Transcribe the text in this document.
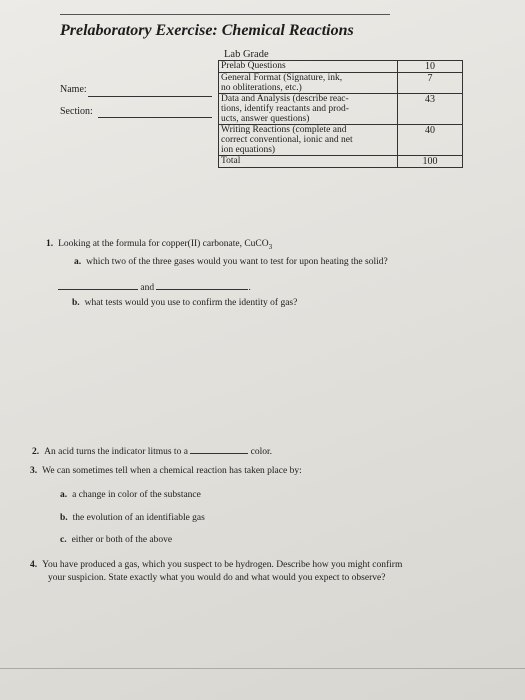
Prelaboratory Exercise: Chemical Reactions
Lab Grade
Name:
Section:
Prelab Questions	10

General Format (Signature, ink,
no obliterations, etc.)	7

Data and Analysis (describe reac-
tions, identify reactants and prod-
ucts, answer questions)	43

Writing Reactions (complete and
correct conventional, ionic and net
ion equations)	40

Total	100
1. Looking at the formula for copper(II) carbonate, CuCO$_3$
a. which two of the three gases would you want to test for upon heating the solid?
and	.
b. what tests would you use to confirm the identity of gas?
2. An acid turns the indicator litmus to a	color.
3. We can sometimes tell when a chemical reaction has taken place by:
a. a change in color of the substance
b. the evolution of an identifiable gas
c. either or both of the above
4. You have produced a gas, which you suspect to be hydrogen. Describe how you might confirm
your suspicion. State exactly what you would do and what would you expect to observe?
